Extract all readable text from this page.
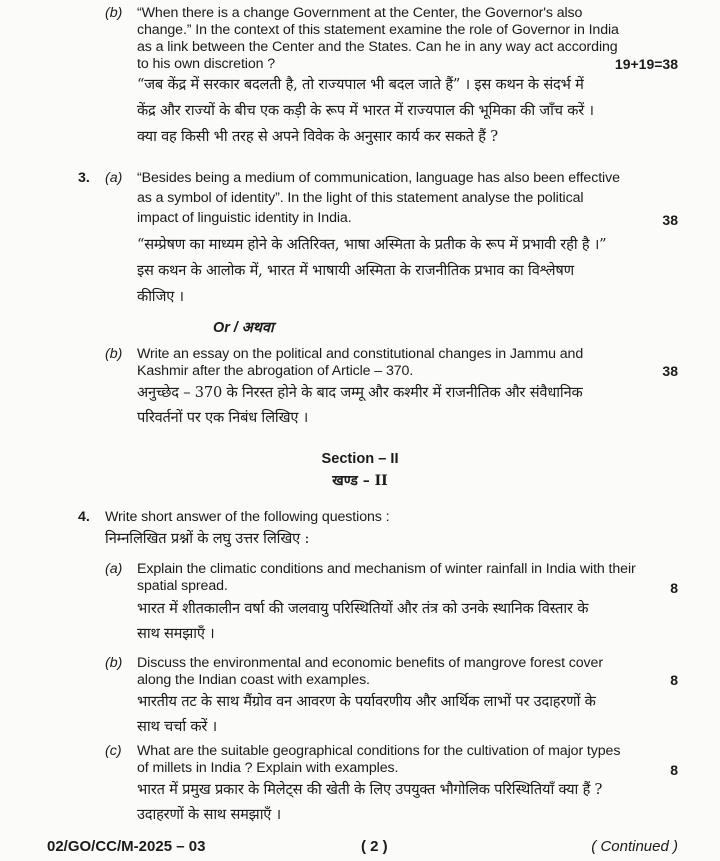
(b) “When there is a change Government at the Center, the Governor's also
change.” In the context of this statement examine the role of Governor in India
as a link between the Center and the States. Can he in any way act according
to his own discretion ?	19+19=38
“जब केंद्र में सरकार बदलती है, तो राज्यपाल भी बदल जाते हैं” । इस कथन के संदर्भ में
केंद्र और राज्यों के बीच एक कड़ी के रूप में भारत में राज्यपाल की भूमिका की जाँच करें ।
क्या वह किसी भी तरह से अपने विवेक के अनुसार कार्य कर सकते हैं ?
3. (a) “Besides being a medium of communication, language has also been effective
as a symbol of identity”. In the light of this statement analyse the political
impact of linguistic identity in India.	38
“सम्प्रेषण का माध्यम होने के अतिरिक्त, भाषा अस्मिता के प्रतीक के रूप में प्रभावी रही है ।”
इस कथन के आलोक में, भारत में भाषायी अस्मिता के राजनीतिक प्रभाव का विश्लेषण
कीजिए ।
Or / अथवा
(b) Write an essay on the political and constitutional changes in Jammu and
Kashmir after the abrogation of Article – 370.	38
अनुच्छेद – 370 के निरस्त होने के बाद जम्मू और कश्मीर में राजनीतिक और संवैधानिक
परिवर्तनों पर एक निबंध लिखिए ।
Section – II
खण्ड – II
4. Write short answer of the following questions :
निम्नलिखित प्रश्नों के लघु उत्तर लिखिए :
(a) Explain the climatic conditions and mechanism of winter rainfall in India with their
spatial spread.	8
भारत में शीतकालीन वर्षा की जलवायु परिस्थितियों और तंत्र को उनके स्थानिक विस्तार के
साथ समझाएँ ।
(b) Discuss the environmental and economic benefits of mangrove forest cover
along the Indian coast with examples.	8
भारतीय तट के साथ मैंग्रोव वन आवरण के पर्यावरणीय और आर्थिक लाभों पर उदाहरणों के
साथ चर्चा करें ।
(c) What are the suitable geographical conditions for the cultivation of major types
of millets in India ? Explain with examples.	8
भारत में प्रमुख प्रकार के मिलेट्स की खेती के लिए उपयुक्त भौगोलिक परिस्थितियाँ क्या हैं ?
उदाहरणों के साथ समझाएँ ।
02/GO/CC/M-2025 – 03	( 2 )	( Continued )
